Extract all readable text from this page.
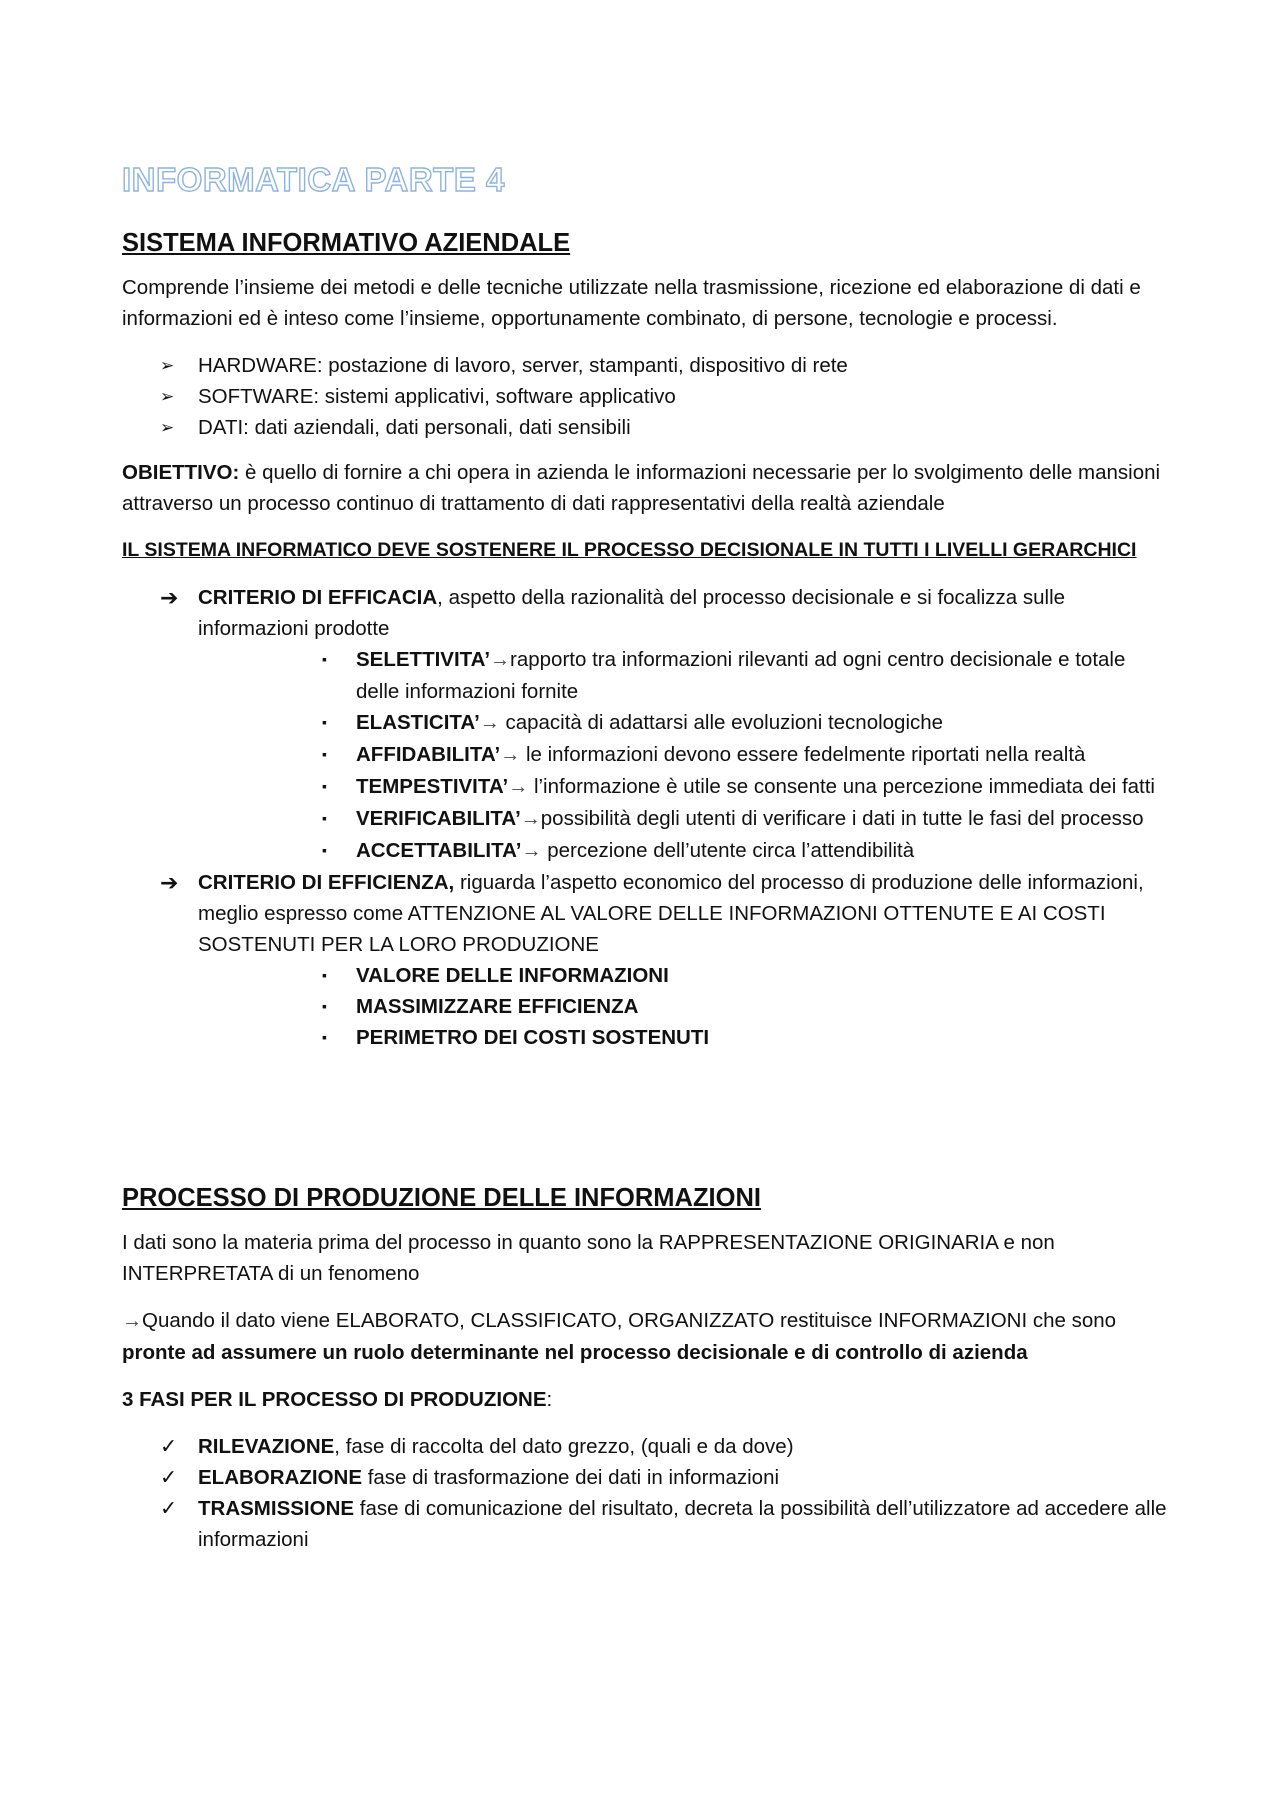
INFORMATICA PARTE 4
SISTEMA INFORMATIVO AZIENDALE

Comprende l’insieme dei metodi e delle tecniche utilizzate nella trasmissione, ricezione ed elaborazione di dati e informazioni ed è inteso come l’insieme, opportunamente combinato, di persone, tecnologie e processi.

➢	HARDWARE: postazione di lavoro, server, stampanti, dispositivo di rete
➢	SOFTWARE: sistemi applicativi, software applicativo
➢	DATI: dati aziendali, dati personali, dati sensibili

OBIETTIVO: è quello di fornire a chi opera in azienda le informazioni necessarie per lo svolgimento delle mansioni attraverso un processo continuo di trattamento di dati rappresentativi della realtà aziendale

IL SISTEMA INFORMATICO DEVE SOSTENERE IL PROCESSO DECISIONALE IN TUTTI I LIVELLI GERARCHICI

➔ CRITERIO DI EFFICACIA, aspetto della razionalità del processo decisionale e si focalizza sulle informazioni prodotte
▪ SELETTIVITA’→rapporto tra informazioni rilevanti ad ogni centro decisionale e totale delle informazioni fornite
▪ ELASTICITA’→ capacità di adattarsi alle evoluzioni tecnologiche
▪ AFFIDABILITA’→ le informazioni devono essere fedelmente riportati nella realtà
▪ TEMPESTIVITA’→ l’informazione è utile se consente una percezione immediata dei fatti
▪ VERIFICABILITA’→possibilità degli utenti di verificare i dati in tutte le fasi del processo
▪ ACCETTABILITA’→ percezione dell’utente circa l’attendibilità
➔ CRITERIO DI EFFICIENZA, riguarda l’aspetto economico del processo di produzione delle informazioni, meglio espresso come ATTENZIONE AL VALORE DELLE INFORMAZIONI OTTENUTE E AI COSTI SOSTENUTI PER LA LORO PRODUZIONE
▪ VALORE DELLE INFORMAZIONI
▪ MASSIMIZZARE EFFICIENZA
▪ PERIMETRO DEI COSTI SOSTENUTI
PROCESSO DI PRODUZIONE DELLE INFORMAZIONI

I dati sono la materia prima del processo in quanto sono la RAPPRESENTAZIONE ORIGINARIA e non INTERPRETATA di un fenomeno

→Quando il dato viene ELABORATO, CLASSIFICATO, ORGANIZZATO restituisce INFORMAZIONI che sono
pronte ad assumere un ruolo determinante nel processo decisionale e di controllo di azienda

3 FASI PER IL PROCESSO DI PRODUZIONE:

✓	RILEVAZIONE, fase di raccolta del dato grezzo, (quali e da dove)
✓	ELABORAZIONE fase di trasformazione dei dati in informazioni
✓	TRASMISSIONE fase di comunicazione del risultato, decreta la possibilità dell’utilizzatore ad accedere alle informazioni
